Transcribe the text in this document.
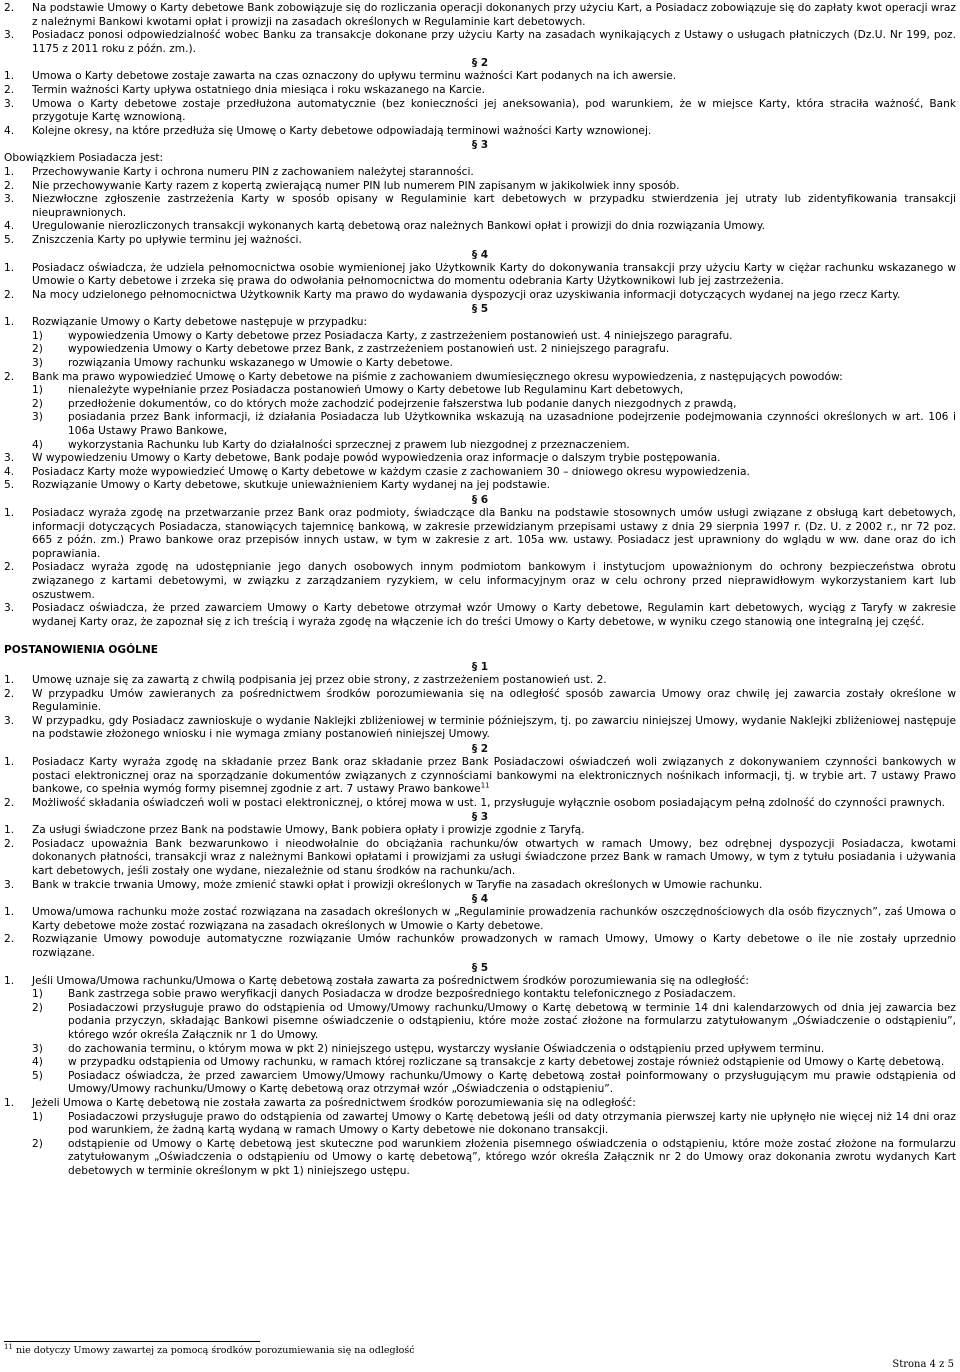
2.	Na podstawie Umowy o Karty debetowe Bank zobowiązuje się do rozliczania operacji dokonanych przy użyciu Kart, a Posiadacz zobowiązuje się do zapłaty kwot operacji wraz z należnymi Bankowi kwotami opłat i prowizji na zasadach określonych w Regulaminie kart debetowych.
3.	Posiadacz ponosi odpowiedzialność wobec Banku za transakcje dokonane przy użyciu Karty na zasadach wynikających z Ustawy o usługach płatniczych (Dz.U. Nr 199, poz. 1175 z 2011 roku z późn. zm.).
§ 2
1.	Umowa o Karty debetowe zostaje zawarta na czas oznaczony do upływu terminu ważności Kart podanych na ich awersie.
2.	Termin ważności Karty upływa ostatniego dnia miesiąca i roku wskazanego na Karcie.
3.	Umowa o Karty debetowe zostaje przedłużona automatycznie (bez konieczności jej aneksowania), pod warunkiem, że w miejsce Karty, która straciła ważność, Bank przygotuje Kartę wznowioną.
4.	Kolejne okresy, na które przedłuża się Umowę o Karty debetowe odpowiadają terminowi ważności Karty wznowionej.
§ 3
Obowiązkiem Posiadacza jest:
1.	Przechowywanie Karty i ochrona numeru PIN z zachowaniem należytej staranności.
2.	Nie przechowywanie Karty razem z kopertą zwierającą numer PIN lub numerem PIN zapisanym w jakikolwiek inny sposób.
3.	Niezwłoczne zgłoszenie zastrzeżenia Karty w sposób opisany w Regulaminie kart debetowych w przypadku stwierdzenia jej utraty lub zidentyfikowania transakcji nieuprawnionych.
4.	Uregulowanie nierozliczonych transakcji wykonanych kartą debetową oraz należnych Bankowi opłat i prowizji do dnia rozwiązania Umowy.
5.	Zniszczenia Karty po upływie terminu jej ważności.
§ 4
1.	Posiadacz oświadcza, że udziela pełnomocnictwa osobie wymienionej jako Użytkownik Karty do dokonywania transakcji przy użyciu Karty w ciężar rachunku wskazanego w Umowie o Karty debetowe i zrzeka się prawa do odwołania pełnomocnictwa do momentu odebrania Karty Użytkownikowi lub jej zastrzeżenia.
2.	Na mocy udzielonego pełnomocnictwa Użytkownik Karty ma prawo do wydawania dyspozycji oraz uzyskiwania informacji dotyczących wydanej na jego rzecz Karty.
§ 5
1.	Rozwiązanie Umowy o Karty debetowe następuje w przypadku:
1)	wypowiedzenia Umowy o Karty debetowe przez Posiadacza Karty, z zastrzeżeniem postanowień ust. 4 niniejszego paragrafu.
2)	wypowiedzenia Umowy o Karty debetowe przez Bank, z zastrzeżeniem postanowień ust. 2 niniejszego paragrafu.
3)	rozwiązania Umowy rachunku wskazanego w Umowie o Karty debetowe.
2.	Bank ma prawo wypowiedzieć Umowę o Karty debetowe na piśmie z zachowaniem dwumiesięcznego okresu wypowiedzenia, z następujących powodów:
1)	nienależyte wypełnianie przez Posiadacza postanowień Umowy o Karty debetowe lub Regulaminu Kart debetowych,
2)	przedłożenie dokumentów, co do których może zachodzić podejrzenie fałszerstwa lub podanie danych niezgodnych z prawdą,
3)	posiadania przez Bank informacji, iż działania Posiadacza lub Użytkownika wskazują na uzasadnione podejrzenie podejmowania czynności określonych w art. 106 i 106a Ustawy Prawo Bankowe,
4)	wykorzystania Rachunku lub Karty do działalności sprzecznej z prawem lub niezgodnej z przeznaczeniem.
3.	W wypowiedzeniu Umowy o Karty debetowe, Bank podaje powód wypowiedzenia oraz informacje o dalszym trybie postępowania.
4.	Posiadacz Karty może wypowiedzieć Umowę o Karty debetowe w każdym czasie z zachowaniem 30 – dniowego okresu wypowiedzenia.
5.	Rozwiązanie Umowy o Karty debetowe, skutkuje unieważnieniem Karty wydanej na jej podstawie.
§ 6
1.	Posiadacz wyraża zgodę na przetwarzanie przez Bank oraz podmioty, świadczące dla Banku na podstawie stosownych umów usługi związane z obsługą kart debetowych, informacji dotyczących Posiadacza, stanowiących tajemnicę bankową, w zakresie przewidzianym przepisami ustawy z dnia 29 sierpnia 1997 r. (Dz. U. z 2002 r., nr 72 poz. 665 z późn. zm.) Prawo bankowe oraz przepisów innych ustaw, w tym w zakresie z art. 105a ww. ustawy. Posiadacz jest uprawniony do wglądu w ww. dane oraz do ich poprawiania.
2.	Posiadacz wyraża zgodę na udostępnianie jego danych osobowych innym podmiotom bankowym i instytucjom upoważnionym do ochrony bezpieczeństwa obrotu związanego z kartami debetowymi, w związku z zarządzaniem ryzykiem, w celu informacyjnym oraz w celu ochrony przed nieprawidłowym wykorzystaniem kart lub oszustwem.
3.	Posiadacz oświadcza, że przed zawarciem Umowy o Karty debetowe otrzymał wzór Umowy o Karty debetowe, Regulamin kart debetowych, wyciąg z Taryfy w zakresie wydanej Karty oraz, że zapoznał się z ich treścią i wyraża zgodę na włączenie ich do treści Umowy o Karty debetowe, w wyniku czego stanowią one integralną jej część.
POSTANOWIENIA OGÓLNE
§ 1
1.	Umowę uznaje się za zawartą z chwilą podpisania jej przez obie strony, z zastrzeżeniem postanowień ust. 2.
2.	W przypadku Umów zawieranych za pośrednictwem środków porozumiewania się na odległość sposób zawarcia Umowy oraz chwilę jej zawarcia zostały określone w Regulaminie.
3.	W przypadku, gdy Posiadacz zawnioskuje o wydanie Naklejki zbliżeniowej w terminie późniejszym, tj. po zawarciu niniejszej Umowy, wydanie Naklejki zbliżeniowej następuje na podstawie złożonego wniosku i nie wymaga zmiany postanowień niniejszej Umowy.
§ 2
1.	Posiadacz Karty wyraża zgodę na składanie przez Bank oraz składanie przez Bank Posiadaczowi oświadczeń woli związanych z dokonywaniem czynności bankowych w postaci elektronicznej oraz na sporządzanie dokumentów związanych z czynnościami bankowymi na elektronicznych nośnikach informacji, tj. w trybie art. 7 ustawy Prawo bankowe, co spełnia wymóg formy pisemnej zgodnie z art. 7 ustawy Prawo bankowe$^{11}$
2.	Możliwość składania oświadczeń woli w postaci elektronicznej, o której mowa w ust. 1, przysługuje wyłącznie osobom posiadającym pełną zdolność do czynności prawnych.
§ 3
1.	Za usługi świadczone przez Bank na podstawie Umowy, Bank pobiera opłaty i prowizje zgodnie z Taryfą.
2.	Posiadacz upoważnia Bank bezwarunkowo i nieodwołalnie do obciążania rachunku/ów otwartych w ramach Umowy, bez odrębnej dyspozycji Posiadacza, kwotami dokonanych płatności, transakcji wraz z należnymi Bankowi opłatami i prowizjami za usługi świadczone przez Bank w ramach Umowy, w tym z tytułu posiadania i używania kart debetowych, jeśli zostały one wydane, niezależnie od stanu środków na rachunku/ach.
3.	Bank w trakcie trwania Umowy, może zmienić stawki opłat i prowizji określonych w Taryfie na zasadach określonych w Umowie rachunku.
§ 4
1.	Umowa/umowa rachunku może zostać rozwiązana na zasadach określonych w „Regulaminie prowadzenia rachunków oszczędnościowych dla osób fizycznych”, zaś Umowa o Karty debetowe może zostać rozwiązana na zasadach określonych w Umowie o Karty debetowe.
2.	Rozwiązanie Umowy powoduje automatyczne rozwiązanie Umów rachunków prowadzonych w ramach Umowy, Umowy o Karty debetowe o ile nie zostały uprzednio rozwiązane.
§ 5
1.	Jeśli Umowa/Umowa rachunku/Umowa o Kartę debetową została zawarta za pośrednictwem środków porozumiewania się na odległość:
1)	Bank zastrzega sobie prawo weryfikacji danych Posiadacza w drodze bezpośredniego kontaktu telefonicznego z Posiadaczem.
2)	Posiadaczowi przysługuje prawo do odstąpienia od Umowy/Umowy rachunku/Umowy o Kartę debetową w terminie 14 dni kalendarzowych od dnia jej zawarcia bez podania przyczyn, składając Bankowi pisemne oświadczenie o odstąpieniu, które może zostać złożone na formularzu zatytułowanym „Oświadczenie o odstąpieniu”, którego wzór określa Załącznik nr 1 do Umowy.
3)	do zachowania terminu, o którym mowa w pkt 2) niniejszego ustępu, wystarczy wysłanie Oświadczenia o odstąpieniu przed upływem terminu.
4)	w przypadku odstąpienia od Umowy rachunku, w ramach której rozliczane są transakcje z karty debetowej zostaje również odstąpienie od Umowy o Kartę debetową.
5)	Posiadacz oświadcza, że przed zawarciem Umowy/Umowy rachunku/Umowy o Kartę debetową został poinformowany o przysługującym mu prawie odstąpienia od Umowy/Umowy rachunku/Umowy o Kartę debetową oraz otrzymał wzór „Oświadczenia o odstąpieniu”.
1.	Jeżeli Umowa o Kartę debetową nie została zawarta za pośrednictwem środków porozumiewania się na odległość:
1)	Posiadaczowi przysługuje prawo do odstąpienia od zawartej Umowy o Kartę debetową jeśli od daty otrzymania pierwszej karty nie upłynęło nie więcej niż 14 dni oraz pod warunkiem, że żadną kartą wydaną w ramach Umowy o Karty debetowe nie dokonano transakcji.
2)	odstąpienie od Umowy o Kartę debetową jest skuteczne pod warunkiem złożenia pisemnego oświadczenia o odstąpieniu, które może zostać złożone na formularzu zatytułowanym „Oświadczenia o odstąpieniu od Umowy o kartę debetową”, którego wzór określa Załącznik nr 2 do Umowy oraz dokonania zwrotu wydanych Kart debetowych w terminie określonym w pkt 1) niniejszego ustępu.
$^{11}$ nie dotyczy Umowy zawartej za pomocą środków porozumiewania się na odległość
Strona 4 z 5
